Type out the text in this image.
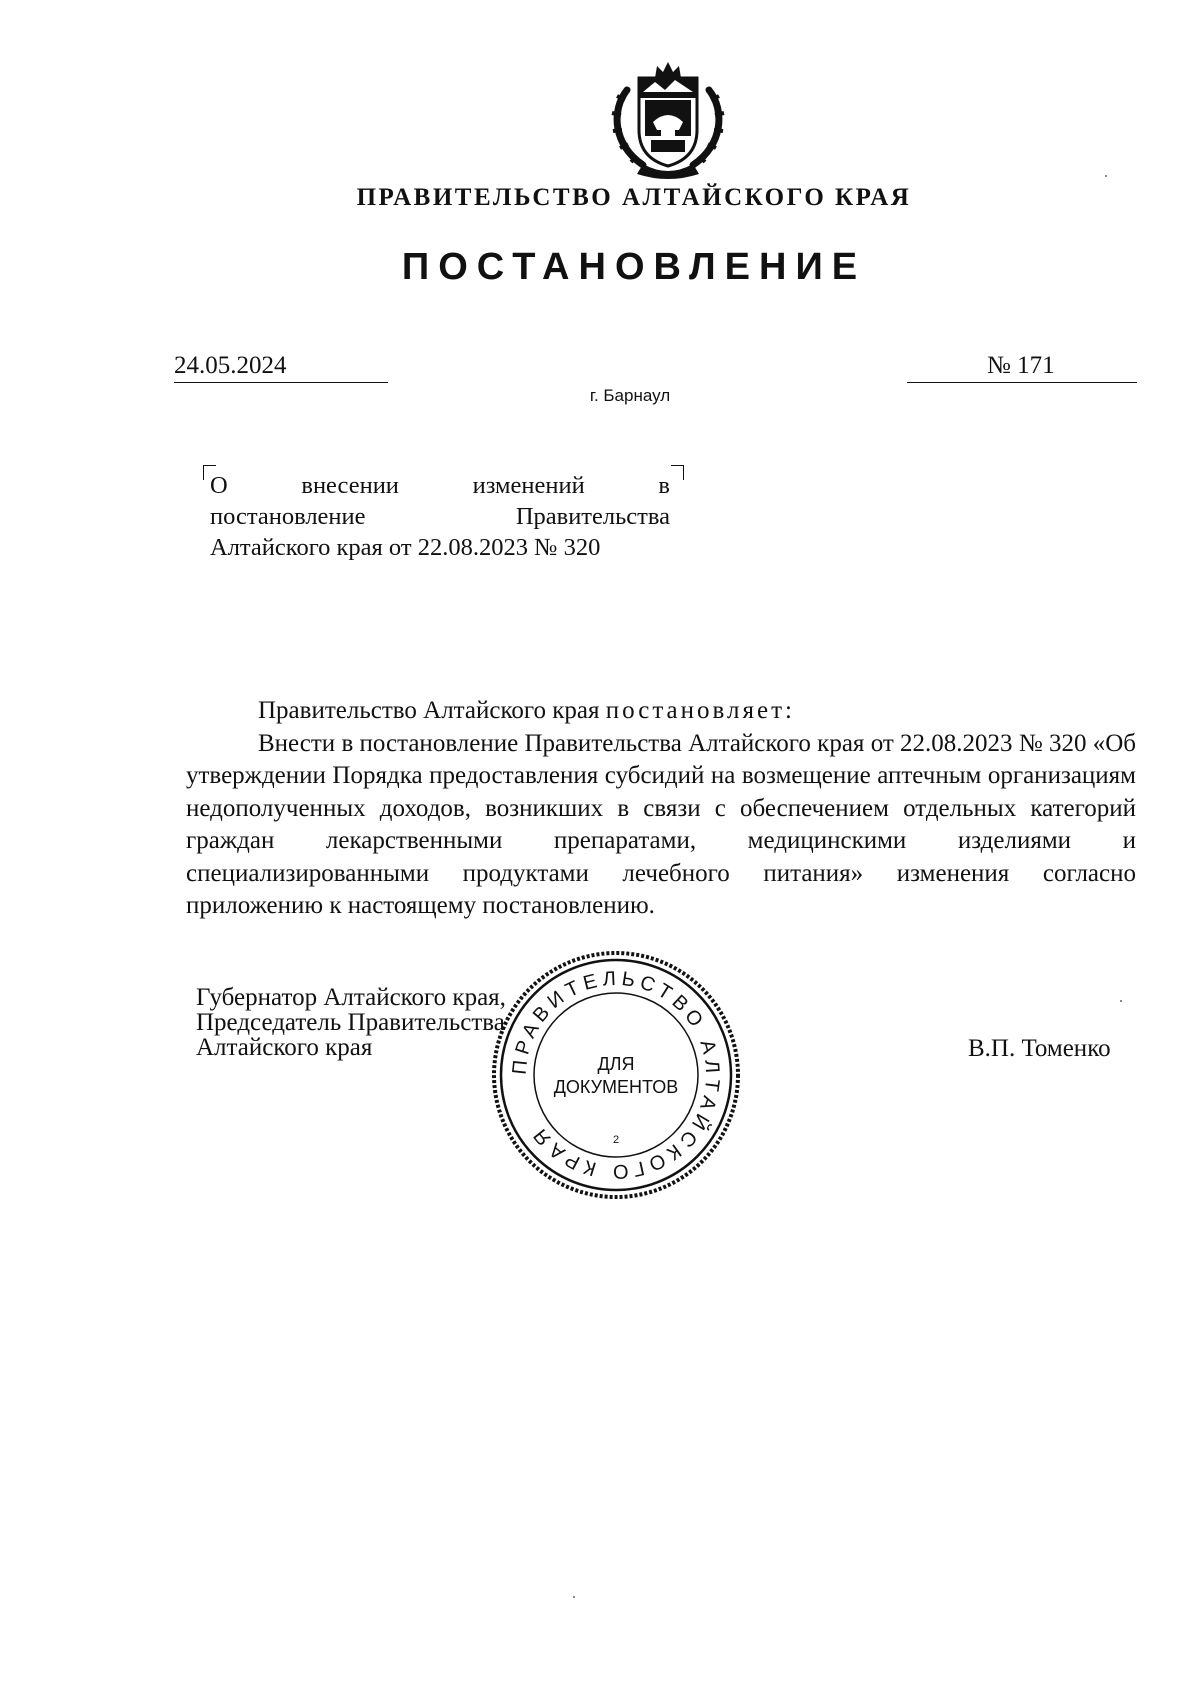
ПРАВИТЕЛЬСТВО АЛТАЙСКОГО КРАЯ
ПОСТАНОВЛЕНИЕ
24.05.2024	№ 171
г. Барнаул
О	внесении	изменений	в
постановление	Правительства
Алтайского края от 22.08.2023 № 320

Правительство Алтайского края постановляет:

Внести в постановление Правительства Алтайского края от 22.08.2023 № 320 «Об утверждении Порядка предоставления субсидий на возмещение аптечным организациям недополученных доходов, возникших в связи с обеспечением отдельных категорий граждан лекарственными препаратами, медицинскими изделиями и специализированными продуктами лечебного питания» изменения согласно приложению к настоящему постановлению.

Губернатор Алтайского края,
Председатель Правительства
Алтайского края	В.П. Томенко
ПРАВИТЕЛЬСТВО АЛТАЙСКОГО КРАЯ
ДЛЯ
ДОКУМЕНТОВ
2
